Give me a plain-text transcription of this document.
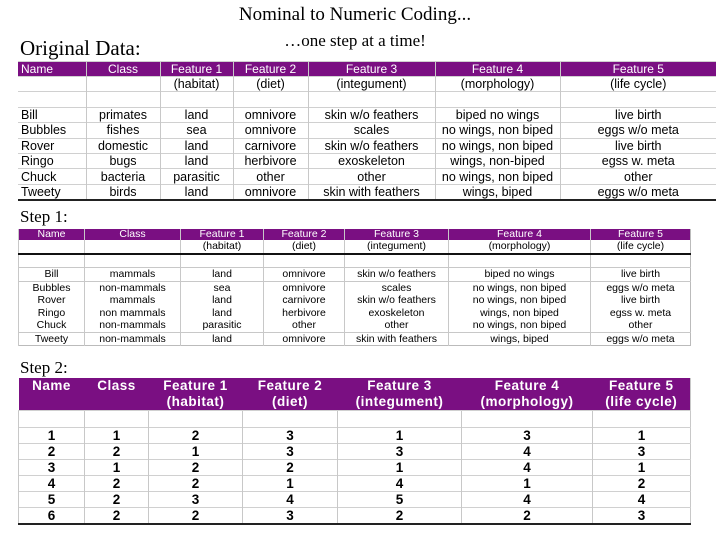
Nominal to Numeric Coding...
…one step at a time!
Original Data:
Step 1:
Step 2:
Name	Class	Feature 1	Feature 2	Feature 3	Feature 4	Feature 5
		(habitat)	(diet)	(integument)	(morphology)	(life cycle)

Bill	primates	land	omnivore	skin w/o feathers	biped no wings	live birth
Bubbles	fishes	sea	omnivore	scales	no wings, non biped	eggs w/o meta
Rover	domestic	land	carnivore	skin w/o feathers	no wings, non biped	live birth
Ringo	bugs	land	herbivore	exoskeleton	wings, non-biped	egss w. meta
Chuck	bacteria	parasitic	other	other	no wings, non biped	other
Tweety	birds	land	omnivore	skin with feathers	wings, biped	eggs w/o meta
Name	Class	Feature 1	Feature 2	Feature 3	Feature 4	Feature 5
		(habitat)	(diet)	(integument)	(morphology)	(life cycle)

Bill	mammals	land	omnivore	skin w/o feathers	biped no wings	live birth
Bubbles	non-mammals	sea	omnivore	scales	no wings, non biped	eggs w/o meta
Rover	mammals	land	carnivore	skin w/o feathers	no wings, non biped	live birth
Ringo	non mammals	land	herbivore	exoskeleton	wings, non biped	egss w. meta
Chuck	non-mammals	parasitic	other	other	no wings, non biped	other
Tweety	non-mammals	land	omnivore	skin with feathers	wings, biped	eggs w/o meta
Name	Class	Feature 1	Feature 2	Feature 3	Feature 4	Feature 5
		(habitat)	(diet)	(integument)	(morphology)	(life cycle)

1	1	2	3	1	3	1
2	2	1	3	3	4	3
3	1	2	2	1	4	1
4	2	2	1	4	1	2
5	2	3	4	5	4	4
6	2	2	3	2	2	3
